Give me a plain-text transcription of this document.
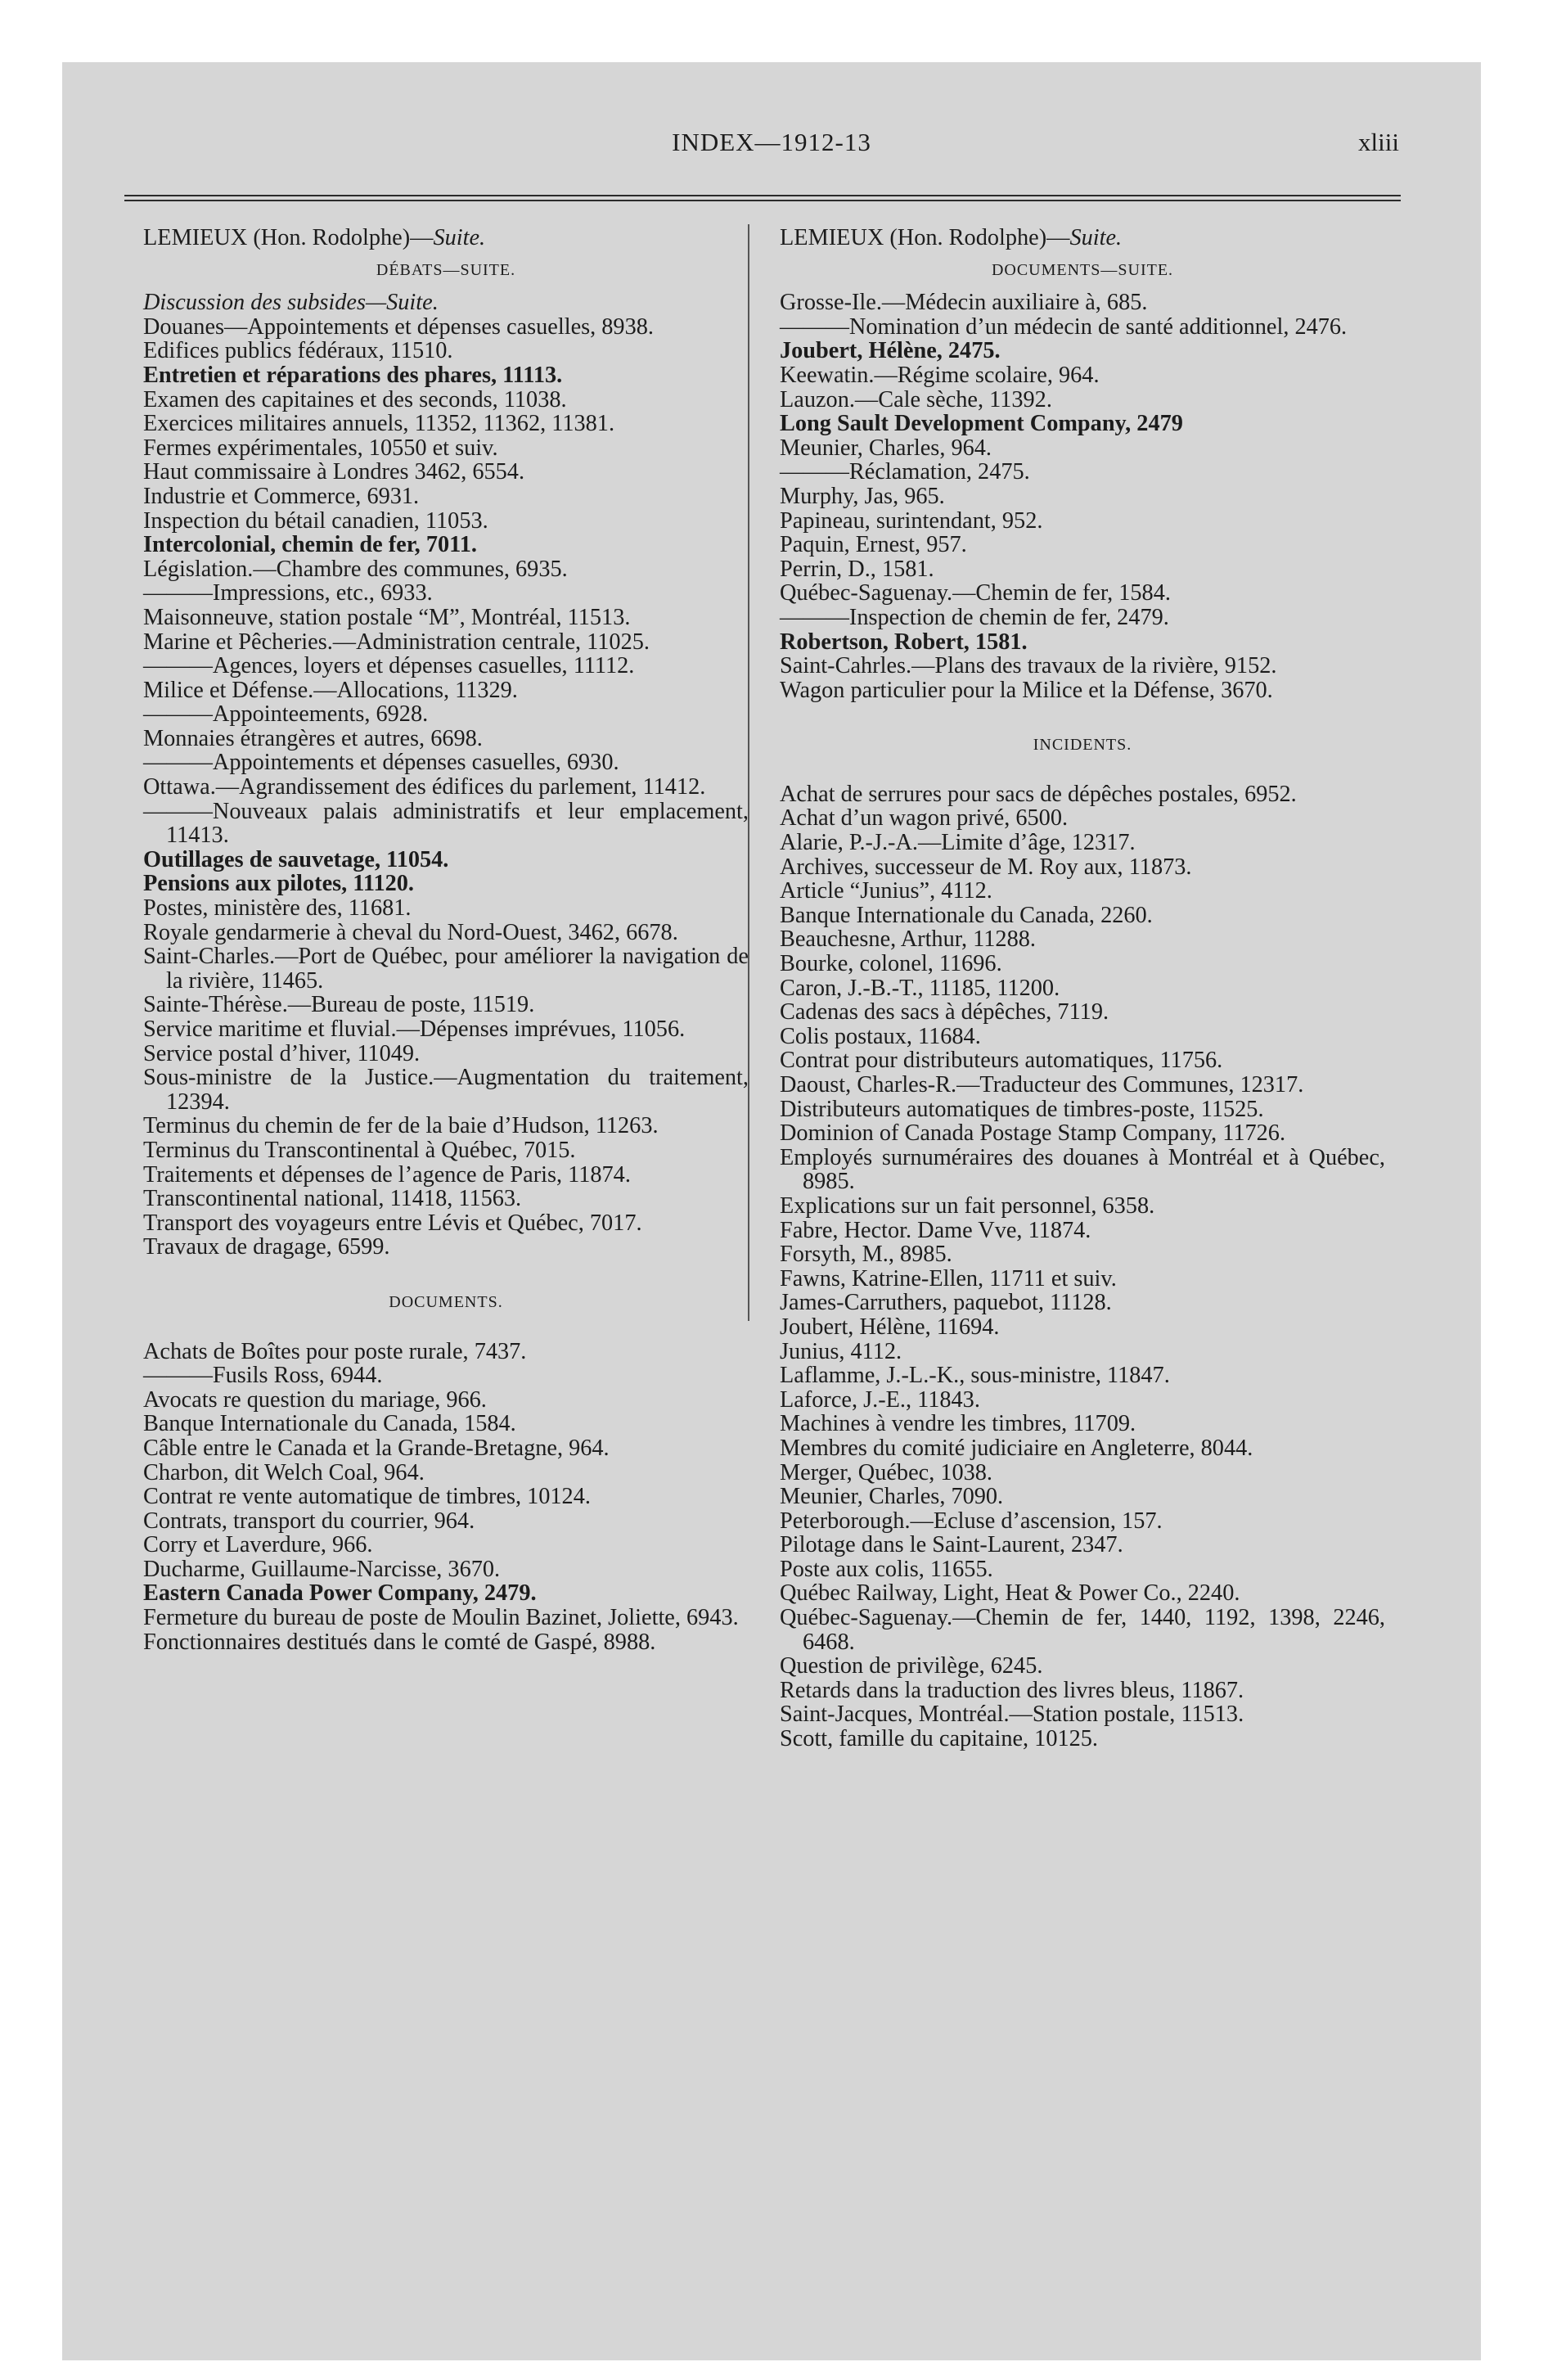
INDEX—1912-13	xliii
LEMIEUX (Hon. Rodolphe)—Suite.
DÉBATS—SUITE.
Discussion des subsides—Suite.
Douanes—Appointements et dépenses casuelles, 8938.
Edifices publics fédéraux, 11510.
Entretien et réparations des phares, 11113.
Examen des capitaines et des seconds, 11038.
Exercices militaires annuels, 11352, 11362, 11381.
Fermes expérimentales, 10550 et suiv.
Haut commissaire à Londres 3462, 6554.
Industrie et Commerce, 6931.
Inspection du bétail canadien, 11053.
Intercolonial, chemin de fer, 7011.
Législation.—Chambre des communes, 6935.
———Impressions, etc., 6933.
Maisonneuve, station postale “M”, Montréal, 11513.
Marine et Pêcheries.—Administration centrale, 11025.
———Agences, loyers et dépenses casuelles, 11112.
Milice et Défense.—Allocations, 11329.
———Appointeements, 6928.
Monnaies étrangères et autres, 6698.
———Appointements et dépenses casuelles, 6930.
Ottawa.—Agrandissement des édifices du parlement, 11412.
———Nouveaux palais administratifs et leur emplacement, 11413.
Outillages de sauvetage, 11054.
Pensions aux pilotes, 11120.
Postes, ministère des, 11681.
Royale gendarmerie à cheval du Nord-Ouest, 3462, 6678.
Saint-Charles.—Port de Québec, pour améliorer la navigation de la rivière, 11465.
Sainte-Thérèse.—Bureau de poste, 11519.
Service maritime et fluvial.—Dépenses imprévues, 11056.
Service postal d’hiver, 11049.
Sous-ministre de la Justice.—Augmentation du traitement, 12394.
Terminus du chemin de fer de la baie d’Hudson, 11263.
Terminus du Transcontinental à Québec, 7015.
Traitements et dépenses de l’agence de Paris, 11874.
Transcontinental national, 11418, 11563.
Transport des voyageurs entre Lévis et Québec, 7017.
Travaux de dragage, 6599.
DOCUMENTS.
Achats de Boîtes pour poste rurale, 7437.
———Fusils Ross, 6944.
Avocats re question du mariage, 966.
Banque Internationale du Canada, 1584.
Câble entre le Canada et la Grande-Bretagne, 964.
Charbon, dit Welch Coal, 964.
Contrat re vente automatique de timbres, 10124.
Contrats, transport du courrier, 964.
Corry et Laverdure, 966.
Ducharme, Guillaume-Narcisse, 3670.
Eastern Canada Power Company, 2479.
Fermeture du bureau de poste de Moulin Bazinet, Joliette, 6943.
Fonctionnaires destitués dans le comté de Gaspé, 8988.
LEMIEUX (Hon. Rodolphe)—Suite.
DOCUMENTS—SUITE.
Grosse-Ile.—Médecin auxiliaire à, 685.
———Nomination d’un médecin de santé additionnel, 2476.
Joubert, Hélène, 2475.
Keewatin.—Régime scolaire, 964.
Lauzon.—Cale sèche, 11392.
Long Sault Development Company, 2479
Meunier, Charles, 964.
———Réclamation, 2475.
Murphy, Jas, 965.
Papineau, surintendant, 952.
Paquin, Ernest, 957.
Perrin, D., 1581.
Québec-Saguenay.—Chemin de fer, 1584.
———Inspection de chemin de fer, 2479.
Robertson, Robert, 1581.
Saint-Cahrles.—Plans des travaux de la rivière, 9152.
Wagon particulier pour la Milice et la Défense, 3670.
INCIDENTS.
Achat de serrures pour sacs de dépêches postales, 6952.
Achat d’un wagon privé, 6500.
Alarie, P.-J.-A.—Limite d’âge, 12317.
Archives, successeur de M. Roy aux, 11873.
Article “Junius”, 4112.
Banque Internationale du Canada, 2260.
Beauchesne, Arthur, 11288.
Bourke, colonel, 11696.
Caron, J.-B.-T., 11185, 11200.
Cadenas des sacs à dépêches, 7119.
Colis postaux, 11684.
Contrat pour distributeurs automatiques, 11756.
Daoust, Charles-R.—Traducteur des Communes, 12317.
Distributeurs automatiques de timbres-poste, 11525.
Dominion of Canada Postage Stamp Company, 11726.
Employés surnuméraires des douanes à Montréal et à Québec, 8985.
Explications sur un fait personnel, 6358.
Fabre, Hector. Dame Vve, 11874.
Forsyth, M., 8985.
Fawns, Katrine-Ellen, 11711 et suiv.
James-Carruthers, paquebot, 11128.
Joubert, Hélène, 11694.
Junius, 4112.
Laflamme, J.-L.-K., sous-ministre, 11847.
Laforce, J.-E., 11843.
Machines à vendre les timbres, 11709.
Membres du comité judiciaire en Angleterre, 8044.
Merger, Québec, 1038.
Meunier, Charles, 7090.
Peterborough.—Ecluse d’ascension, 157.
Pilotage dans le Saint-Laurent, 2347.
Poste aux colis, 11655.
Québec Railway, Light, Heat & Power Co., 2240.
Québec-Saguenay.—Chemin de fer, 1440, 1192, 1398, 2246, 6468.
Question de privilège, 6245.
Retards dans la traduction des livres bleus, 11867.
Saint-Jacques, Montréal.—Station postale, 11513.
Scott, famille du capitaine, 10125.
